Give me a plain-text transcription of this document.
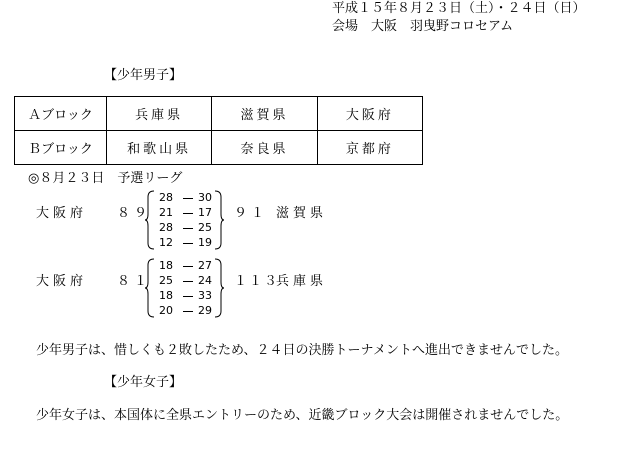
平成１５年８月２３日（土）・２４日（日）
会場　大阪　羽曳野コロセアム
【少年男子】
Ａブロック	兵庫県	滋賀県	大阪府
Ｂブロック	和歌山県	奈良県	京都府
◎８月２３日　予選リーグ
大阪府 ８９
28 30
21 17
28 25
12 19
９１ 滋賀県
大阪府 ８１
18 27
25 24
18 33
20 29
１１３
兵庫県
少年男子は、惜しくも２敗したため、２４日の決勝トーナメントへ進出できませんでした。
【少年女子】
少年女子は、本国体に全県エントリーのため、近畿ブロック大会は開催されませんでした。
